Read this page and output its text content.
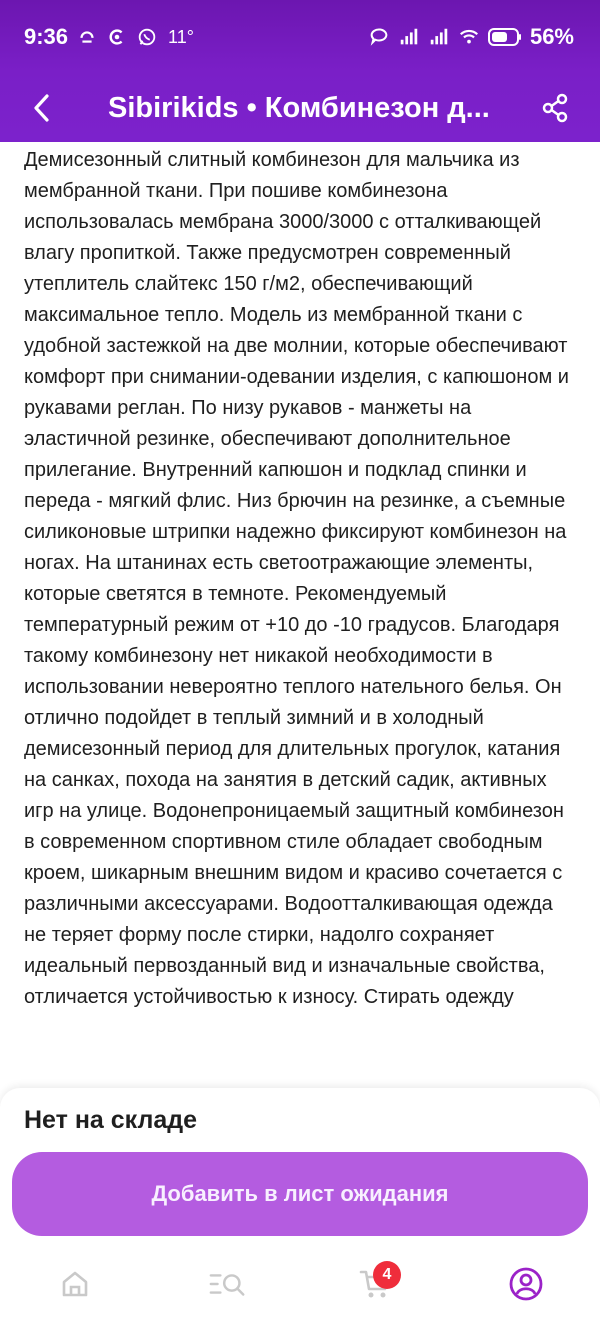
9:36	11°	56%
Sibirikids • Комбинезон д...

Демисезонный слитный комбинезон для мальчика из мембранной ткани. При пошиве комбинезона использовалась мембрана 3000/3000 с отталкивающей влагу пропиткой. Также предусмотрен современный утеплитель слайтекс 150 г/м2, обеспечивающий максимальное тепло. Модель из мембранной ткани с удобной застежкой на две молнии, которые обеспечивают комфорт при снимании-одевании изделия, с капюшоном и рукавами реглан. По низу рукавов - манжеты на эластичной резинке, обеспечивают дополнительное прилегание. Внутренний капюшон и подклад спинки и переда - мягкий флис. Низ брючин на резинке, а съемные силиконовые штрипки надежно фиксируют комбинезон на ногах. На штанинах есть светоотражающие элементы, которые светятся в темноте. Рекомендуемый температурный режим от +10 до -10 градусов. Благодаря такому комбинезону нет никакой необходимости в использовании невероятно теплого нательного белья. Он отлично подойдет в теплый зимний и в холодный демисезонный период для длительных прогулок, катания на санках, похода на занятия в детский садик, активных игр на улице. Водонепроницаемый защитный комбинезон в современном спортивном стиле обладает свободным кроем, шикарным внешним видом и красиво сочетается с различными аксессуарами. Водоотталкивающая одежда не теряет форму после стирки, надолго сохраняет идеальный первозданный вид и изначальные свойства, отличается устойчивостью к износу. Стирать одежду

Нет на складе
Добавить в лист ожидания
4
